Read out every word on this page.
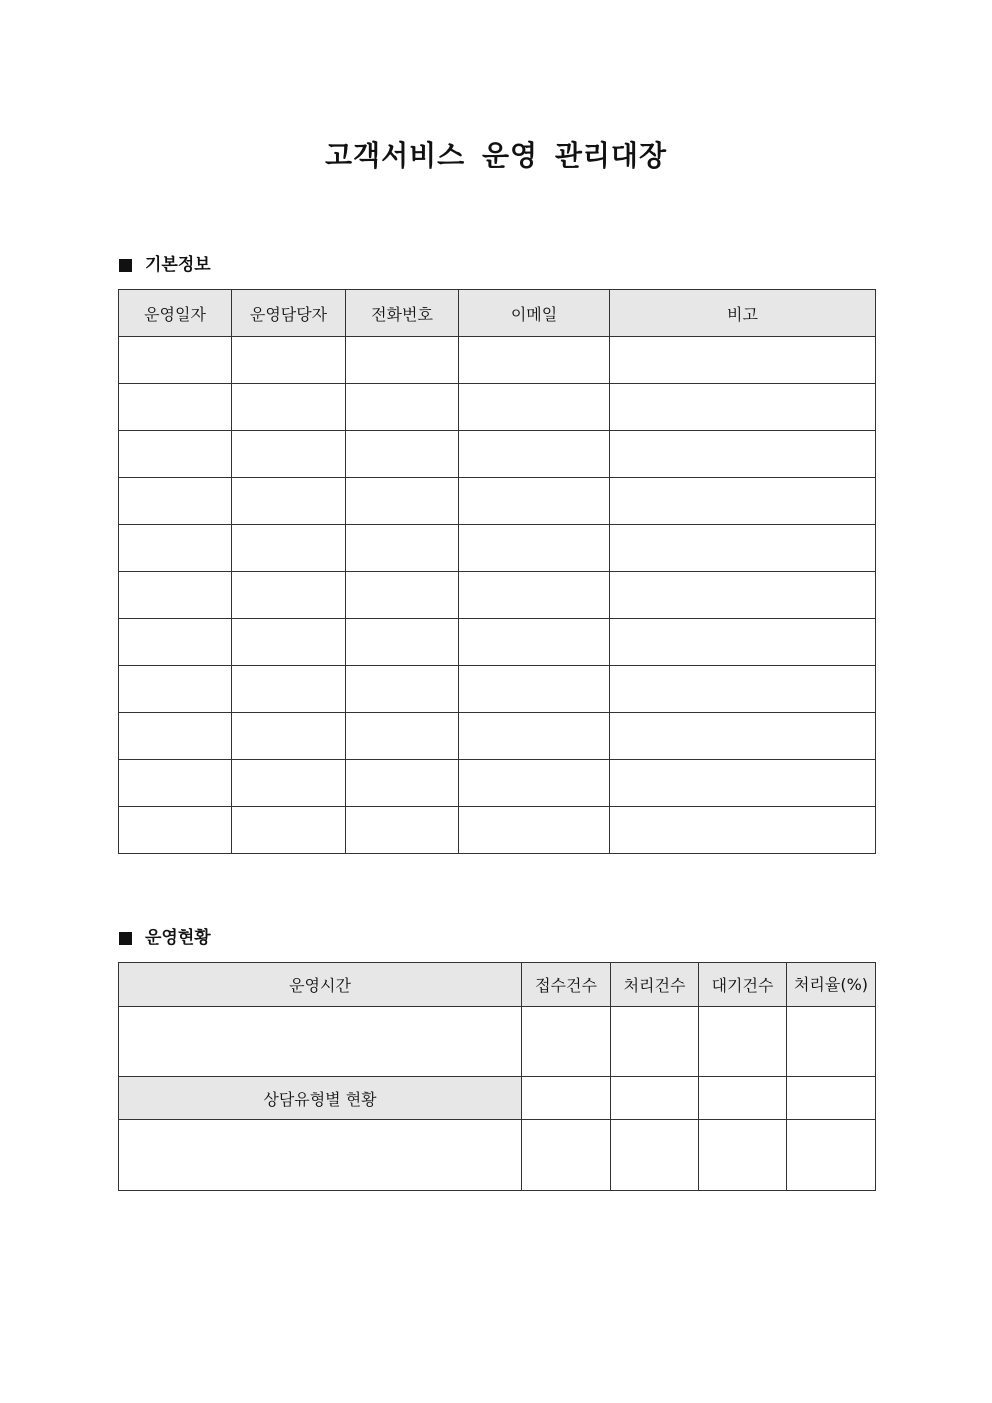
고객서비스 운영 관리대장
기본정보
운영일자	운영담당자	전화번호	이메일	비고

운영현황
운영시간	접수건수	처리건수	대기건수	처리율(%)

상담유형별 현황				
